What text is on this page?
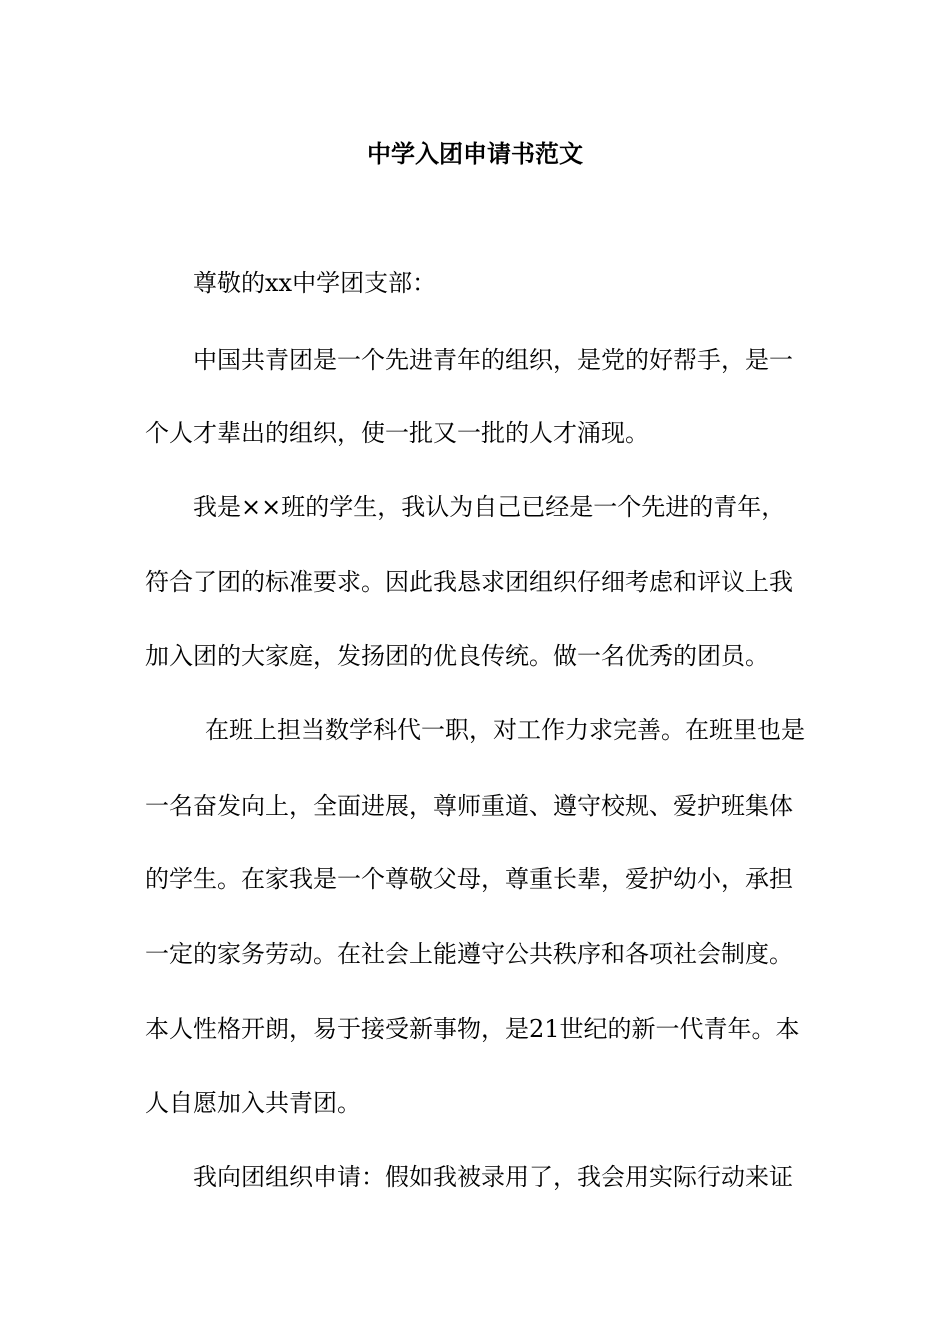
中学入团申请书范文
尊敬的xx中学团支部：
中国共青团是一个先进青年的组织，是党的好帮手，是一
个人才辈出的组织，使一批又一批的人才涌现。
我是××班的学生，我认为自己已经是一个先进的青年，
符合了团的标准要求。因此我恳求团组织仔细考虑和评议上我
加入团的大家庭，发扬团的优良传统。做一名优秀的团员。
在班上担当数学科代一职，对工作力求完善。在班里也是
一名奋发向上，全面进展，尊师重道、遵守校规、爱护班集体
的学生。在家我是一个尊敬父母，尊重长辈，爱护幼小，承担
一定的家务劳动。在社会上能遵守公共秩序和各项社会制度。
本人性格开朗，易于接受新事物，是21世纪的新一代青年。本
人自愿加入共青团。
我向团组织申请：假如我被录用了，我会用实际行动来证
